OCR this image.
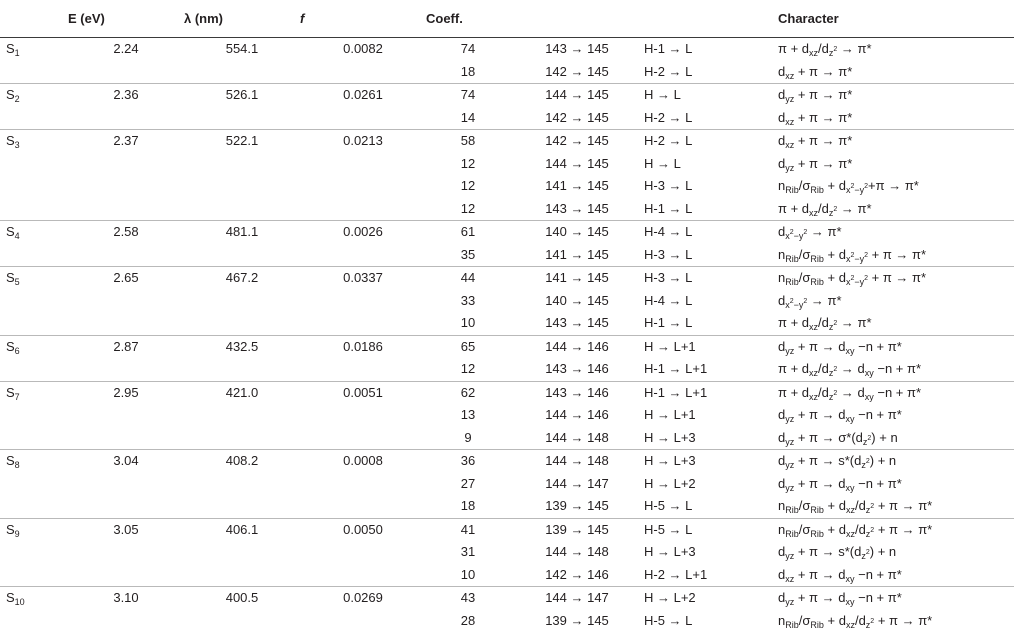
	E (eV)	λ (nm)	f	Coeff.			Character
$S_1$	2.24	554.1	0.0082	74	143 → 145	H-1 → L	$\pi + d_{xz}/d_{z^2} \to \pi*$
				18	142 → 145	H-2 → L	$d_{xz} + \pi \to \pi*$
$S_2$	2.36	526.1	0.0261	74	144 → 145	H → L	$d_{yz} + \pi \to \pi*$
				14	142 → 145	H-2 → L	$d_{xz} + \pi \to \pi*$
$S_3$	2.37	522.1	0.0213	58	142 → 145	H-2 → L	$d_{xz} + \pi \to \pi*$
				12	144 → 145	H → L	$d_{yz} + \pi \to \pi*$
				12	141 → 145	H-3 → L	$n_{Rib}/\sigma_{Rib} + d_{x^2-y^2}+\pi \to \pi*$
				12	143 → 145	H-1 → L	$\pi + d_{xz}/d_{z^2} \to \pi*$
$S_4$	2.58	481.1	0.0026	61	140 → 145	H-4 → L	$d_{x^2-y^2} \to \pi*$
				35	141 → 145	H-3 → L	$n_{Rib}/\sigma_{Rib} + d_{x^2-y^2} + \pi \to \pi*$
$S_5$	2.65	467.2	0.0337	44	141 → 145	H-3 → L	$n_{Rib}/\sigma_{Rib} + d_{x^2-y^2} + \pi \to \pi*$
				33	140 → 145	H-4 → L	$d_{x^2-y^2} \to \pi*$
				10	143 → 145	H-1 → L	$\pi + d_{xz}/d_{z^2} \to \pi*$
$S_6$	2.87	432.5	0.0186	65	144 → 146	H → L+1	$d_{yz} + \pi \to d_{xy} -n + \pi*$
				12	143 → 146	H-1 → L+1	$\pi + d_{xz}/d_{z^2} \to d_{xy} -n + \pi*$
$S_7$	2.95	421.0	0.0051	62	143 → 146	H-1 → L+1	$\pi + d_{xz}/d_{z^2} \to d_{xy} -n + \pi*$
				13	144 → 146	H → L+1	$d_{yz} + \pi \to d_{xy} -n + \pi*$
				9	144 → 148	H → L+3	$d_{yz} + \pi \to \sigma*(d_{z^2}) + n$
$S_8$	3.04	408.2	0.0008	36	144 → 148	H → L+3	$d_{yz} + \pi \to s*(d_{z^2}) + n$
				27	144 → 147	H → L+2	$d_{yz} + \pi \to d_{xy} -n + \pi*$
				18	139 → 145	H-5 → L	$n_{Rib}/\sigma_{Rib} + d_{xz}/d_{z^2} + \pi \to \pi*$
$S_9$	3.05	406.1	0.0050	41	139 → 145	H-5 → L	$n_{Rib}/\sigma_{Rib} + d_{xz}/d_{z^2} + \pi \to \pi*$
				31	144 → 148	H → L+3	$d_{yz} + \pi \to s*(d_{z^2}) + n$
				10	142 → 146	H-2 → L+1	$d_{xz} + \pi \to d_{xy} -n + \pi*$
$S_{10}$	3.10	400.5	0.0269	43	144 → 147	H → L+2	$d_{yz} + \pi \to d_{xy} -n + \pi*$
				28	139 → 145	H-5 → L	$n_{Rib}/\sigma_{Rib} + d_{xz}/d_{z^2} + \pi \to \pi*$
